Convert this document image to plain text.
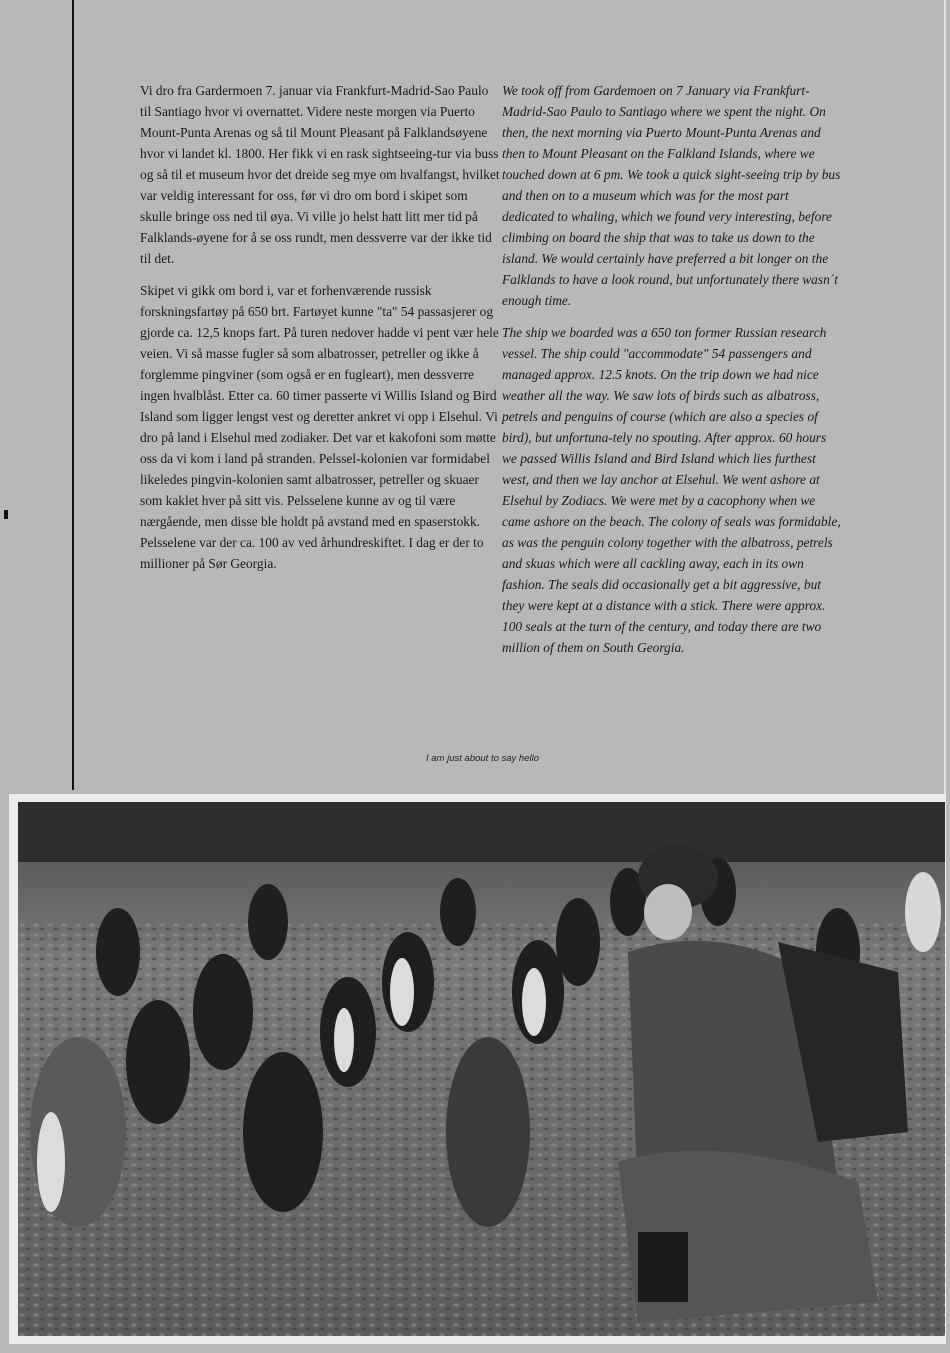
Vi dro fra Gardermoen 7. januar via Frankfurt-Madrid-Sao Paulo til Santiago hvor vi overnattet. Videre neste morgen via Puerto Mount-Punta Arenas og så til Mount Pleasant på Falklandsøyene hvor vi landet kl. 1800. Her fikk vi en rask sightseeing-tur via buss og så til et museum hvor det dreide seg mye om hvalfangst, hvilket var veldig interessant for oss, før vi dro om bord i skipet som skulle bringe oss ned til øya. Vi ville jo helst hatt litt mer tid på Falklands-øyene for å se oss rundt, men dessverre var der ikke tid til det.

Skipet vi gikk om bord i, var et forhenværende russisk forskningsfartøy på 650 brt. Fartøyet kunne "ta" 54 passasjerer og gjorde ca. 12,5 knops fart. På turen nedover hadde vi pent vær hele veien. Vi så masse fugler så som albatrosser, petreller og ikke å forglemme pingviner (som også er en fugleart), men dessverre ingen hvalblåst. Etter ca. 60 timer passerte vi Willis Island og Bird Island som ligger lengst vest og deretter ankret vi opp i Elsehul. Vi dro på land i Elsehul med zodiaker. Det var et kakofoni som møtte oss da vi kom i land på stranden. Pelssel-kolonien var formidabel likeledes pingvin-kolonien samt albatrosser, petreller og skuaer som kaklet hver på sitt vis. Pelsselene kunne av og til være nærgående, men disse ble holdt på avstand med en spaserstokk. Pelsselene var der ca. 100 av ved århundreskiftet. I dag er der to millioner på Sør Georgia.

We took off from Gardemoen on 7 January via Frankfurt-Madrid-Sao Paulo to Santiago where we spent the night. On then, the next morning via Puerto Mount-Punta Arenas and then to Mount Pleasant on the Falkland Islands, where we touched down at 6 pm. We took a quick sight-seeing trip by bus and then on to a museum which was for the most part dedicated to whaling, which we found very interesting, before climbing on board the ship that was to take us down to the island. We would certainly have preferred a bit longer on the Falklands to have a look round, but unfortunately there wasn´t enough time.

The ship we boarded was a 650 ton former Russian research vessel. The ship could "accommodate" 54 passengers and managed approx. 12.5 knots. On the trip down we had nice weather all the way. We saw lots of birds such as albatross, petrels and penguins of course (which are also a species of bird), but unfortuna-tely no spouting. After approx. 60 hours we passed Willis Island and Bird Island which lies furthest west, and then we lay anchor at Elsehul. We went ashore at Elsehul by Zodiacs. We were met by a cacophony when we came ashore on the beach. The colony of seals was formidable, as was the penguin colony together with the albatross, petrels and skuas which were all cackling away, each in its own fashion. The seals did occasionally get a bit aggressive, but they were kept at a distance with a stick. There were approx. 100 seals at the turn of the century, and today there are two million of them on South Georgia.

I am just about to say hello
